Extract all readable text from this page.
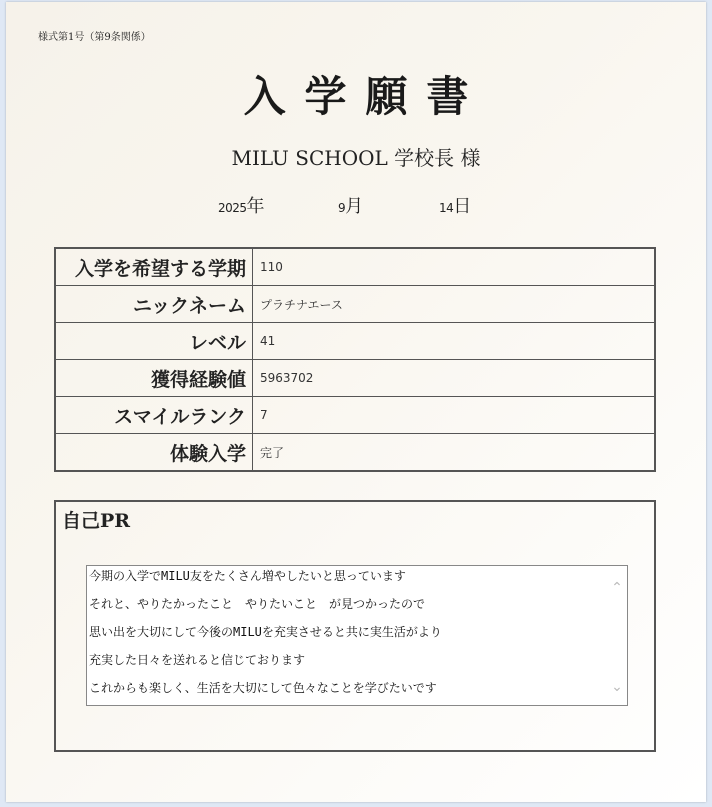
様式第1号（第9条関係）
入学願書
MILU SCHOOL 学校長 様
2025年	9月	14日
入学を希望する学期	110
ニックネーム	プラチナエース
レベル	41
獲得経験値	5963702
スマイルランク	7
体験入学	完了
自己PR
今期の入学でMILU友をたくさん増やしたいと思っています
それと、やりたかったこと　やりたいこと　が見つかったので
思い出を大切にして今後のMILUを充実させると共に実生活がより
充実した日々を送れると信じております
これからも楽しく、生活を大切にして色々なことを学びたいです
⌃
⌄
